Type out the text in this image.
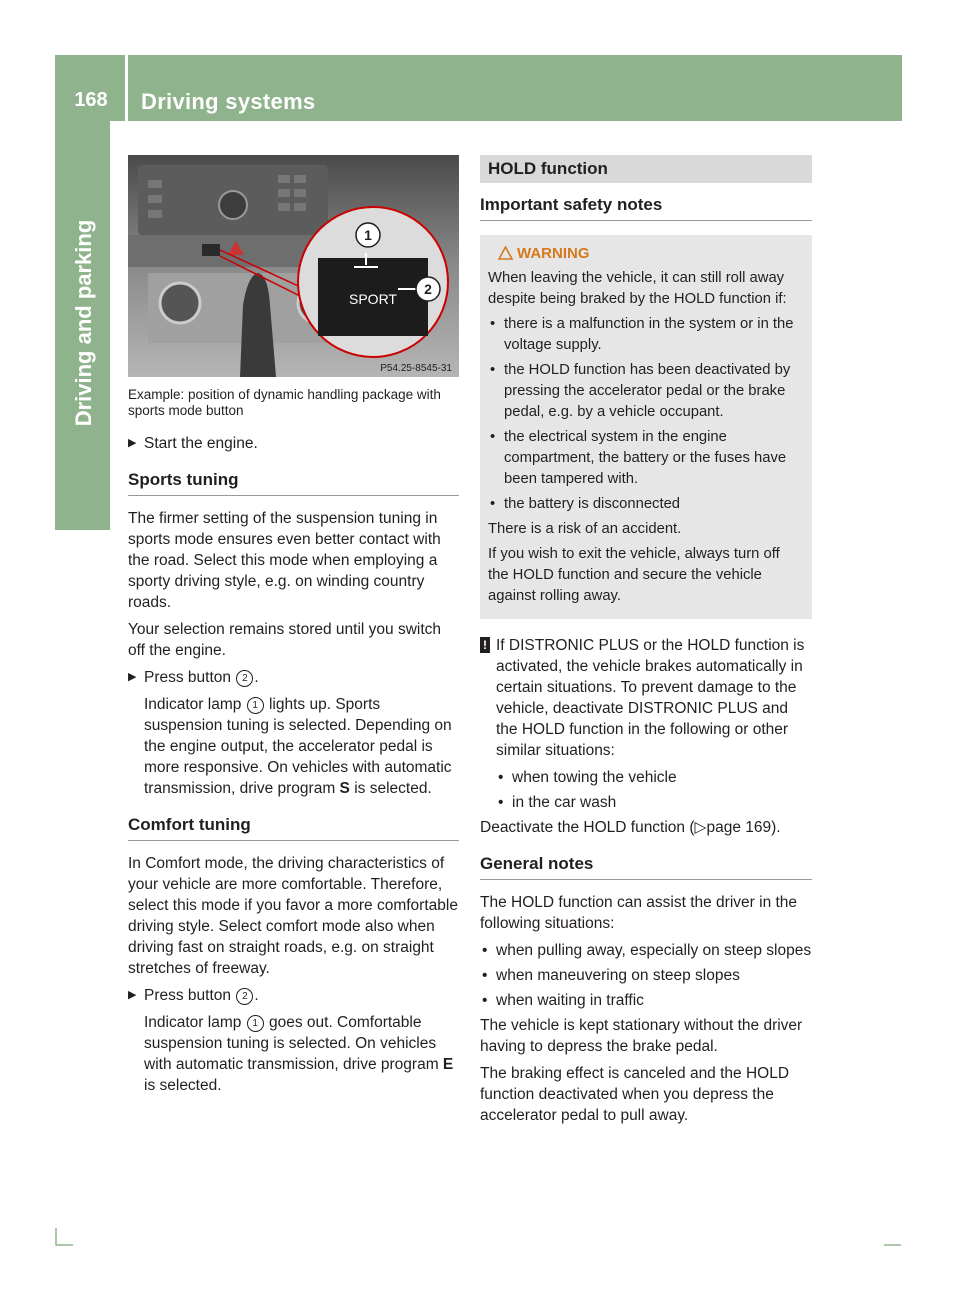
168	Driving systems
Driving and parking	SPORT
1
2
P54.25-8545-31

Example: position of dynamic handling package with sports mode button

▶ Start the engine.

Sports tuning

The firmer setting of the suspension tuning in sports mode ensures even better contact with the road. Select this mode when employing a sporty driving style, e.g. on winding country roads.

Your selection remains stored until you switch off the engine.

▶ Press button 2 .

Indicator lamp 1 lights up. Sports suspension tuning is selected. Depending on the engine output, the accelerator pedal is more responsive. On vehicles with automatic transmission, drive program S is selected.

Comfort tuning

In Comfort mode, the driving characteristics of your vehicle are more comfortable. Therefore, select this mode if you favor a more comfortable driving style. Select comfort mode also when driving fast on straight roads, e.g. on straight stretches of freeway.

▶ Press button 2 .

Indicator lamp 1 goes out. Comfortable suspension tuning is selected. On vehicles with automatic transmission, drive program E is selected.

HOLD function
Important safety notes
WARNING

When leaving the vehicle, it can still roll away despite being braked by the HOLD function if:

• there is a malfunction in the system or in the voltage supply.

• the HOLD function has been deactivated by pressing the accelerator pedal or the brake pedal, e.g. by a vehicle occupant.

• the electrical system in the engine compartment, the battery or the fuses have been tampered with.

• the battery is disconnected

There is a risk of an accident.

If you wish to exit the vehicle, always turn off the HOLD function and secure the vehicle against rolling away.

! If DISTRONIC PLUS or the HOLD function is activated, the vehicle brakes automatically in certain situations. To prevent damage to the vehicle, deactivate DISTRONIC PLUS and the HOLD function in the following or other similar situations:

• when towing the vehicle

• in the car wash

Deactivate the HOLD function (▷page 169).

General notes

The HOLD function can assist the driver in the following situations:

• when pulling away, especially on steep slopes

• when maneuvering on steep slopes

• when waiting in traffic

The vehicle is kept stationary without the driver having to depress the brake pedal.

The braking effect is canceled and the HOLD function deactivated when you depress the accelerator pedal to pull away.
